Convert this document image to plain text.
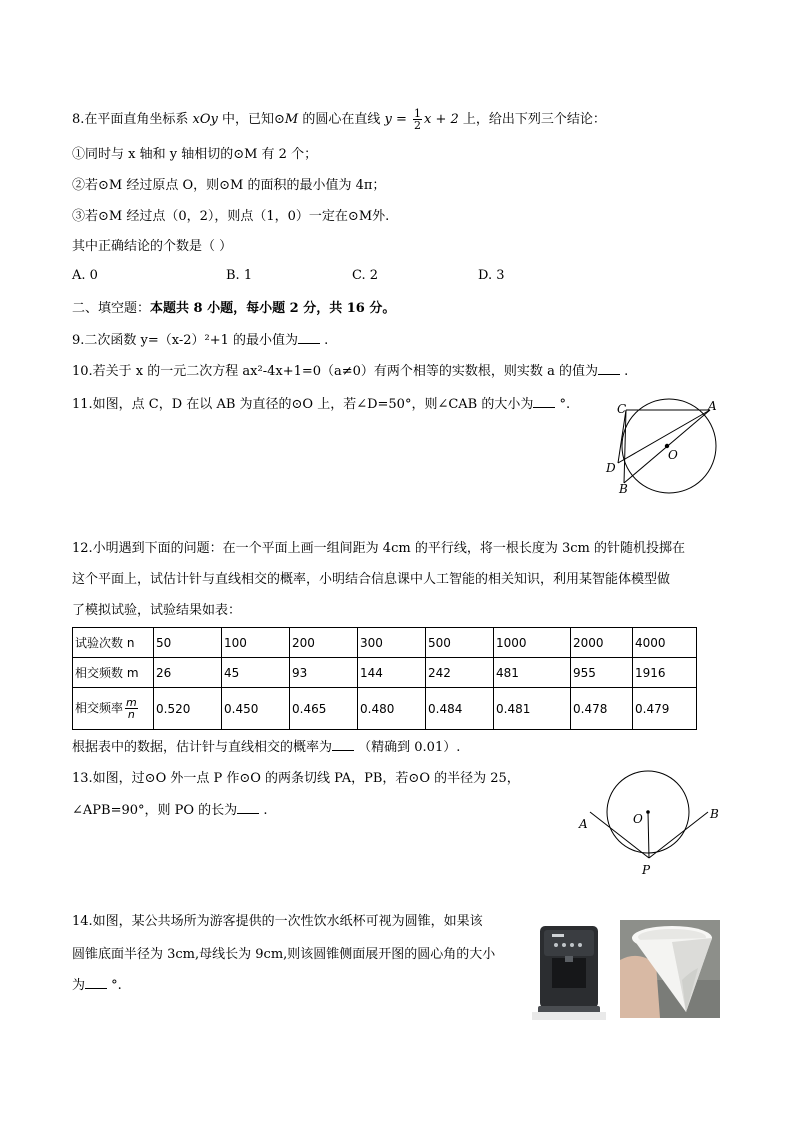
8.在平面直角坐标系 xOy 中，已知⊙M 的圆心在直线 $y = \frac{1}{2}$ x + 2 上，给出下列三个结论：
①同时与 x 轴和 y 轴相切的⊙M 有 2 个；
②若⊙M 经过原点 O，则⊙M 的面积的最小值为 4π；
③若⊙M 经过点（0，2），则点（1，0）一定在⊙M外.
其中正确结论的个数是（ ）
A. 0	B. 1	C. 2	D. 3
二、填空题：本题共 8 小题，每小题 2 分，共 16 分。
9.二次函数 y=（x-2）²+1 的最小值为 .
10.若关于 x 的一元二次方程 ax²-4x+1=0（a≠0）有两个相等的实数根，则实数 a 的值为 .
11.如图，点 C，D 在以 AB 为直径的⊙O 上，若∠D=50°，则∠CAB 的大小为 °.	C	A
O
D
B
12.小明遇到下面的问题：在一个平面上画一组间距为 4cm 的平行线，将一根长度为 3cm 的针随机投掷在
这个平面上，试估计针与直线相交的概率，小明结合信息课中人工智能的相关知识，利用某智能体模型做
了模拟试验，试验结果如表：
试验次数 n	50	100	200	300	500	1000	2000	4000
相交频数 m	26	45	93	144	242	481	955	1916
相交频率 $\frac{m}{n}$	0.520	0.450	0.465	0.480	0.484	0.481	0.478	0.479
根据表中的数据，估计针与直线相交的概率为 （精确到 0.01）.
13.如图，过⊙O 外一点 P 作⊙O 的两条切线 PA，PB，若⊙O 的半径为 25，
∠APB=90°，则 PO 的长为 .
A	O	B
P
14.如图，某公共场所为游客提供的一次性饮水纸杯可视为圆锥，如果该
圆锥底面半径为 3cm,母线长为 9cm,则该圆锥侧面展开图的圆心角的大小
为 °.
